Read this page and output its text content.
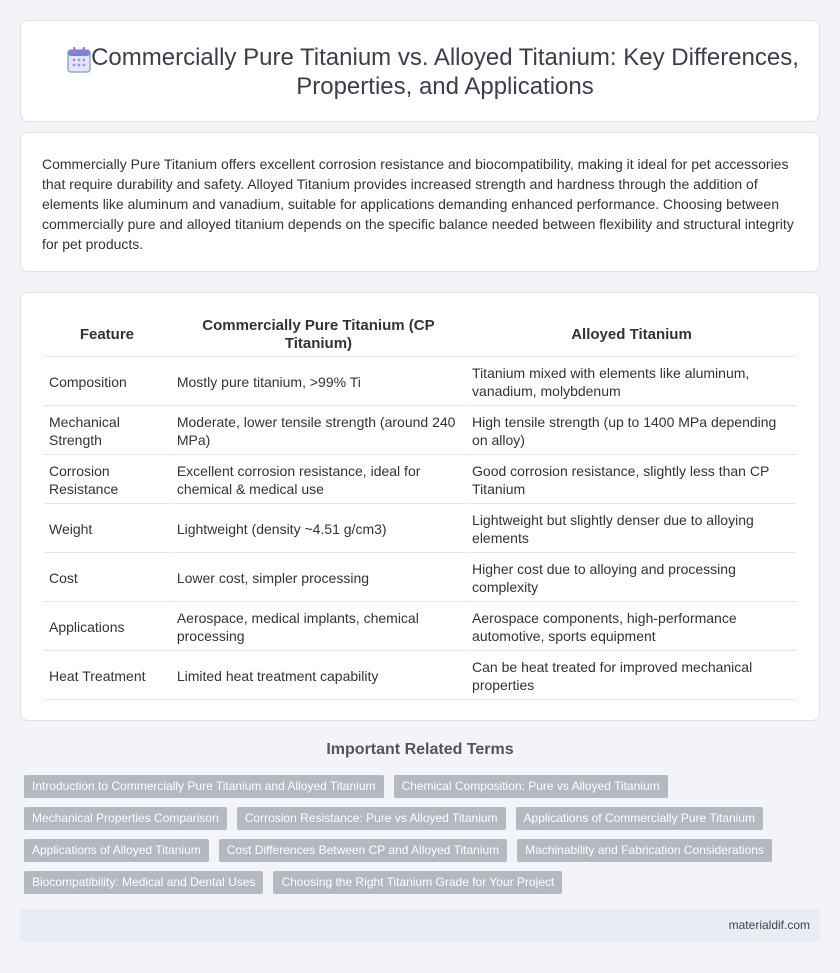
Commercially Pure Titanium vs. Alloyed Titanium: Key Differences, Properties, and Applications

Commercially Pure Titanium offers excellent corrosion resistance and biocompatibility, making it ideal for pet accessories that require durability and safety. Alloyed Titanium provides increased strength and hardness through the addition of elements like aluminum and vanadium, suitable for applications demanding enhanced performance. Choosing between commercially pure and alloyed titanium depends on the specific balance needed between flexibility and structural integrity for pet products.

Feature	Commercially Pure Titanium (CP Titanium)	Alloyed Titanium
Composition	Mostly pure titanium, >99% Ti	Titanium mixed with elements like aluminum, vanadium, molybdenum
Mechanical Strength	Moderate, lower tensile strength (around 240 MPa)	High tensile strength (up to 1400 MPa depending on alloy)
Corrosion Resistance	Excellent corrosion resistance, ideal for chemical & medical use	Good corrosion resistance, slightly less than CP Titanium
Weight	Lightweight (density ~4.51 g/cm3)	Lightweight but slightly denser due to alloying elements
Cost	Lower cost, simpler processing	Higher cost due to alloying and processing complexity
Applications	Aerospace, medical implants, chemical processing	Aerospace components, high-performance automotive, sports equipment
Heat Treatment	Limited heat treatment capability	Can be heat treated for improved mechanical properties
Important Related Terms
Introduction to Commercially Pure Titanium and Alloyed Titanium	Chemical Composition: Pure vs Alloyed Titanium
Mechanical Properties Comparison	Corrosion Resistance: Pure vs Alloyed Titanium	Applications of Commercially Pure Titanium
Applications of Alloyed Titanium	Cost Differences Between CP and Alloyed Titanium	Machinability and Fabrication Considerations
Biocompatibility: Medical and Dental Uses	Choosing the Right Titanium Grade for Your Project
materialdif.com
